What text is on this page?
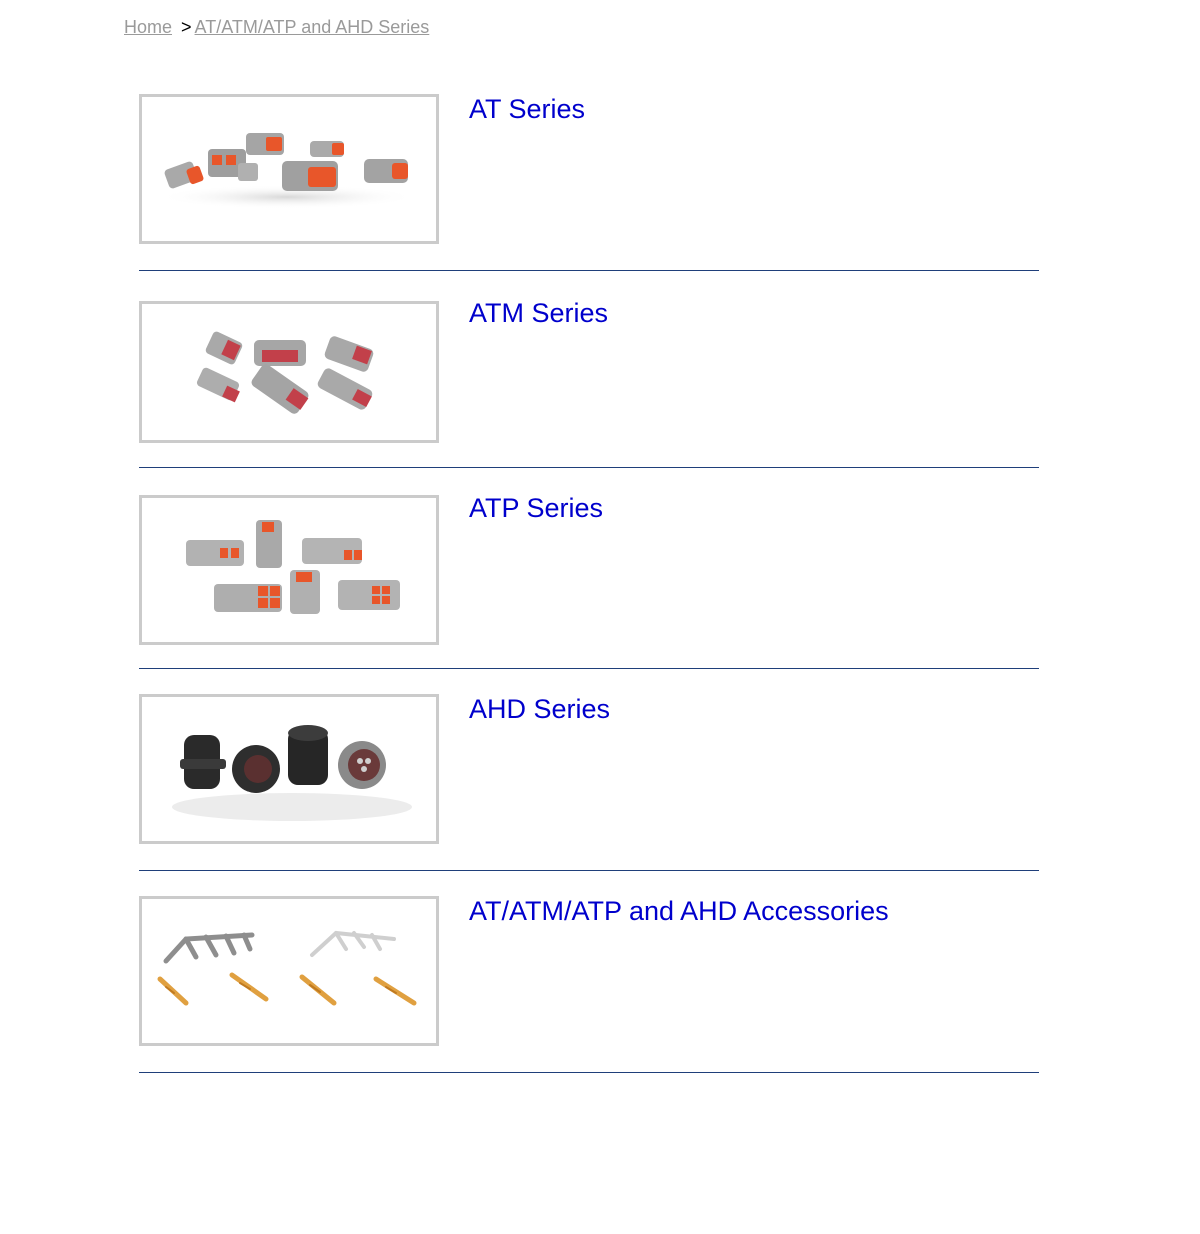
Home > AT/ATM/ATP and AHD Series
AT Series
ATM Series
ATP Series
AHD Series
AT/ATM/ATP and AHD Accessories
